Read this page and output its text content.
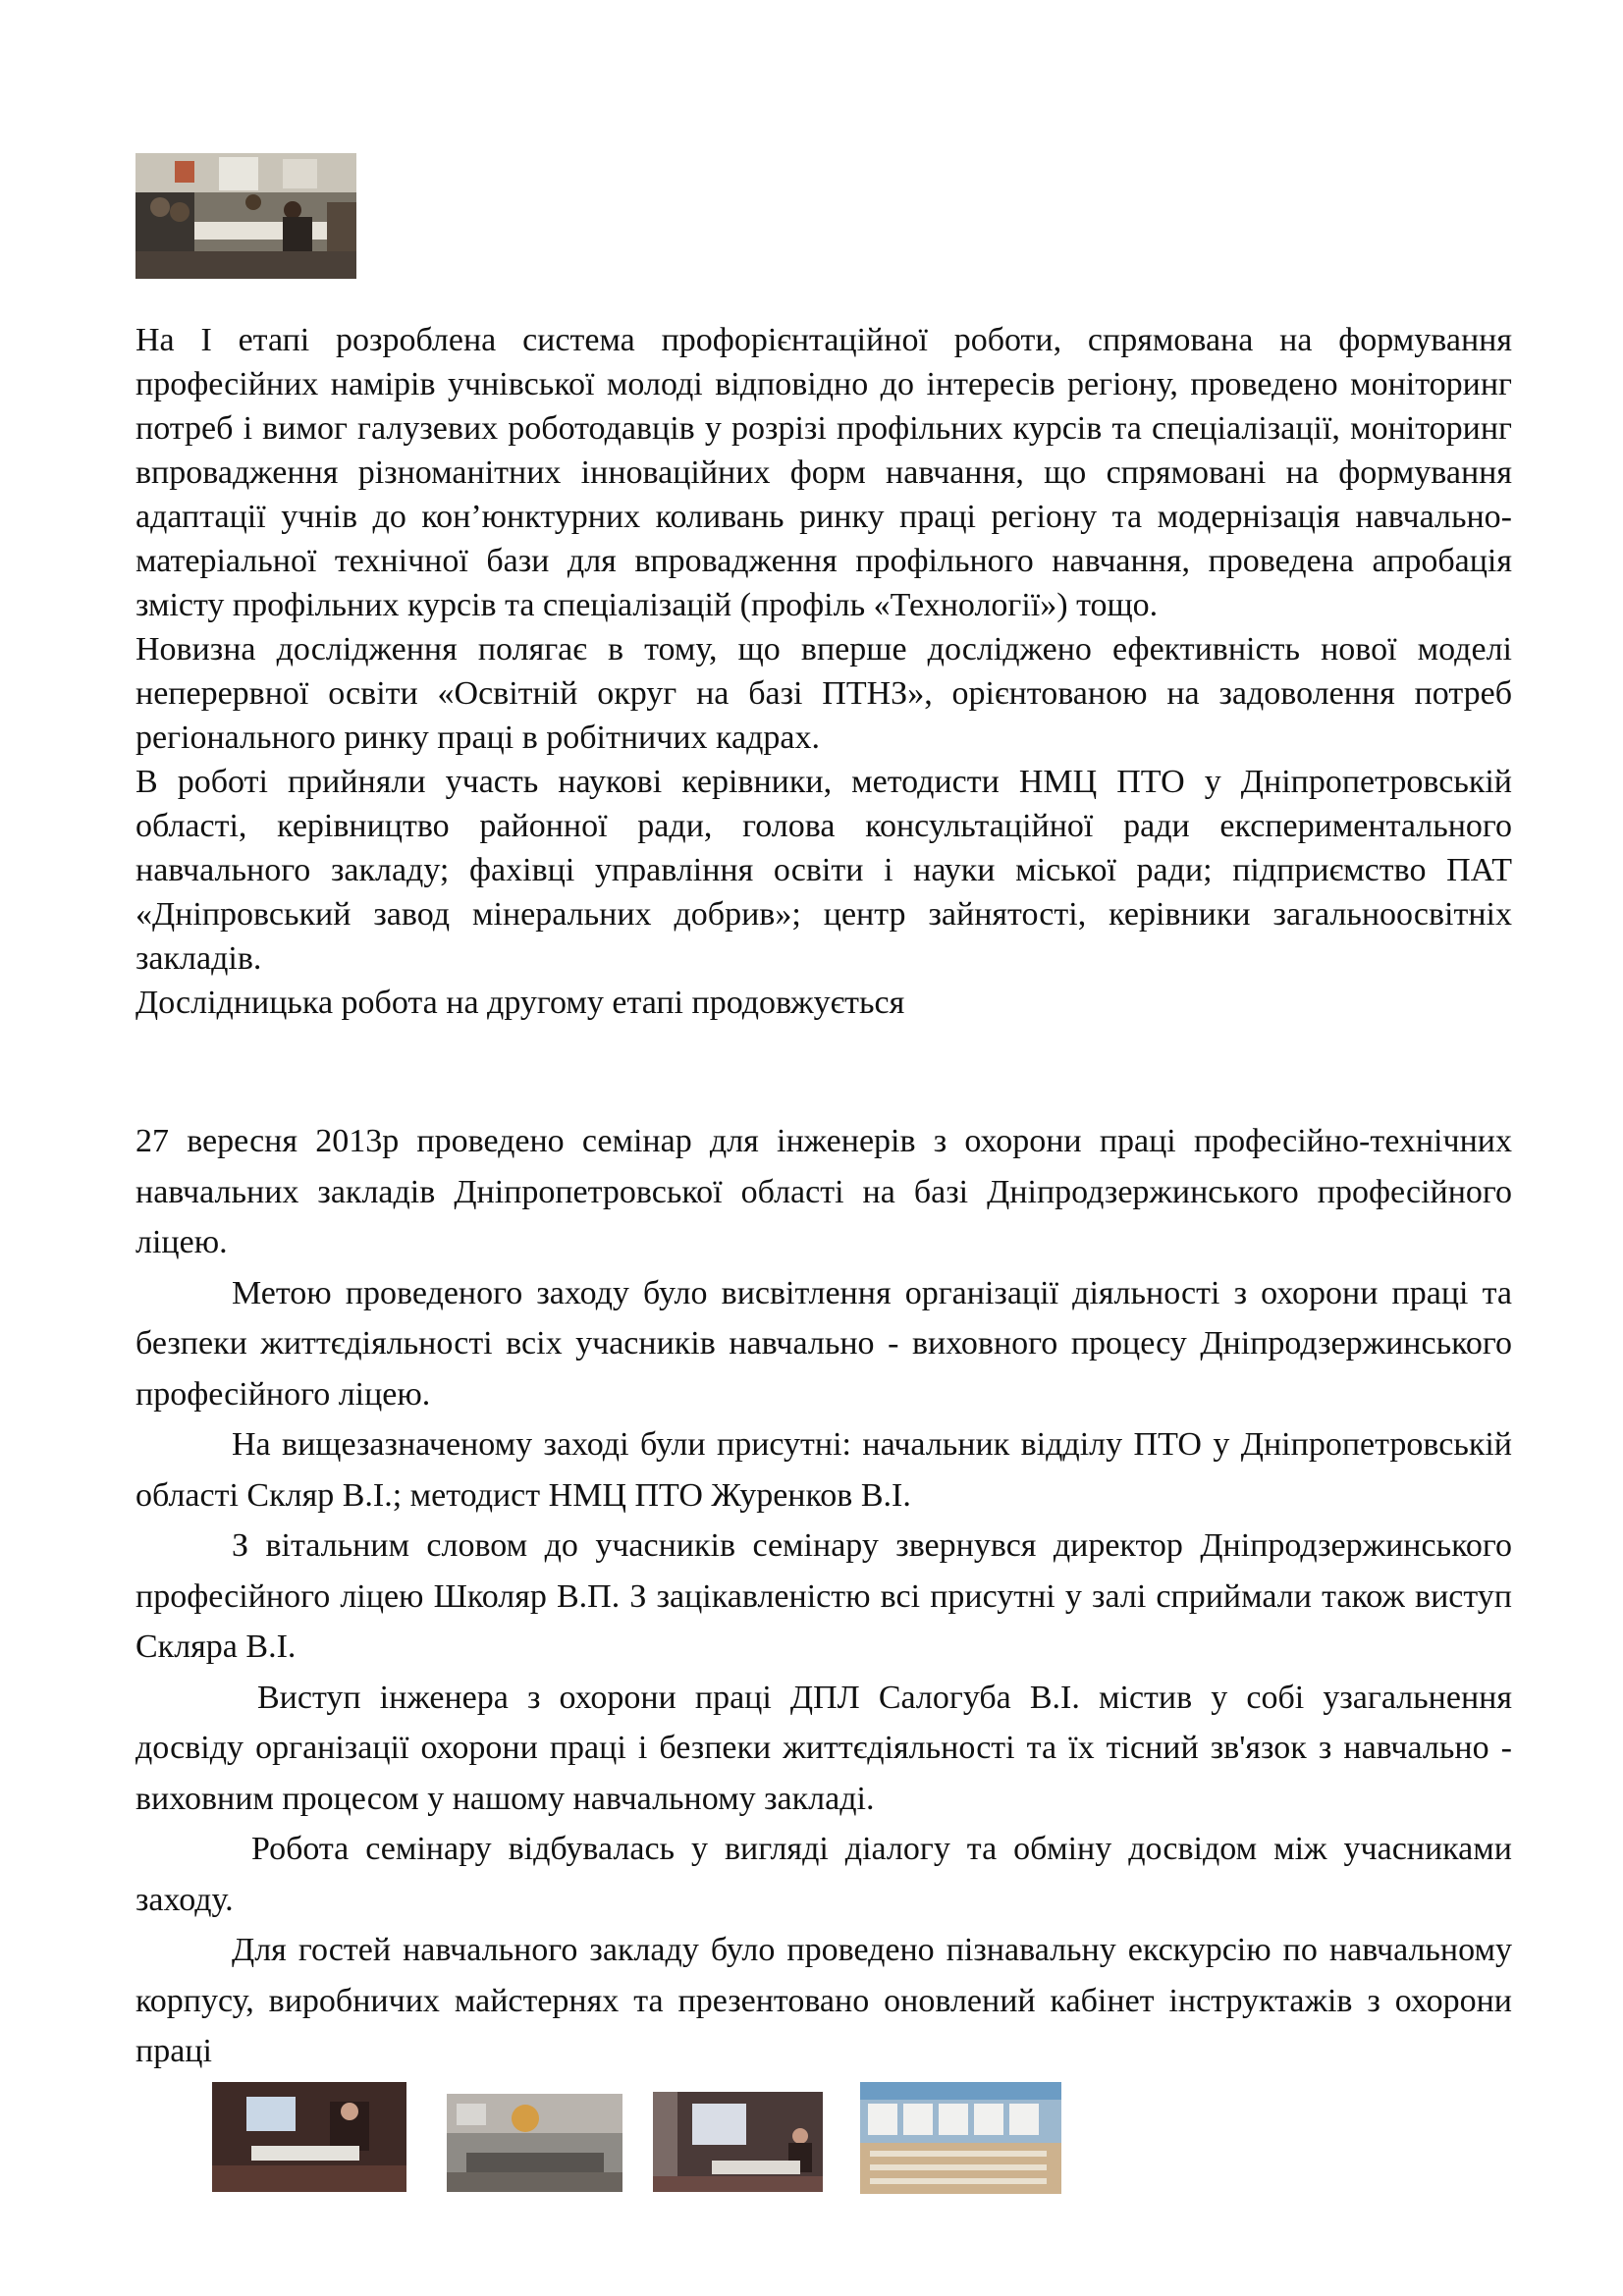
На І етапі розроблена система профорієнтаційної роботи, спрямована на формування професійних намірів учнівської молоді відповідно до інтересів регіону, проведено моніторинг потреб і вимог галузевих роботодавців у розрізі профільних курсів та спеціалізації, моніторинг впровадження різноманітних інноваційних форм навчання, що спрямовані на формування адаптації учнів до кон’юнктурних коливань ринку праці регіону та модернізація навчально-матеріальної технічної бази для впровадження профільного навчання, проведена апробація змісту профільних курсів та спеціалізацій (профіль «Технології») тощо.

Новизна дослідження полягає в тому, що вперше досліджено ефективність нової моделі неперервної освіти «Освітній округ на базі ПТНЗ», орієнтованою на задоволення потреб регіонального ринку праці в робітничих кадрах.

В роботі прийняли участь наукові керівники, методисти НМЦ ПТО у Дніпропетровській області, керівництво районної ради, голова консультаційної ради експериментального навчального закладу; фахівці управління освіти і науки міської ради; підприємство ПАТ «Дніпровський завод мінеральних добрив»; центр зайнятості, керівники загальноосвітніх закладів.

Дослідницька робота на другому етапі продовжується

27 вересня 2013р проведено семінар для інженерів з охорони праці професійно-технічних навчальних закладів Дніпропетровської області на базі Дніпродзержинського професійного ліцею.

Метою проведеного заходу було висвітлення організації діяльності з охорони праці та безпеки життєдіяльності всіх учасників навчально - виховного процесу Дніпродзержинського професійного ліцею.

На вищезазначеному заході були присутні: начальник відділу ПТО у Дніпропетровській області Скляр В.І.; методист НМЦ ПТО Журенков В.І.

З вітальним словом до учасників семінару звернувся директор Дніпродзержинського професійного ліцею Школяр В.П. З зацікавленістю всі присутні у залі сприймали також виступ Скляра В.І.

Виступ інженера з охорони праці ДПЛ Салогуба В.І. містив у собі узагальнення досвіду організації охорони праці і безпеки життєдіяльності та їх тісний зв'язок з навчально - виховним процесом у нашому навчальному закладі.

Робота семінару відбувалась у вигляді діалогу та обміну досвідом між учасниками заходу.

Для гостей навчального закладу було проведено пізнавальну екскурсію по навчальному корпусу, виробничих майстернях та презентовано оновлений кабінет інструктажів з охорони праці
